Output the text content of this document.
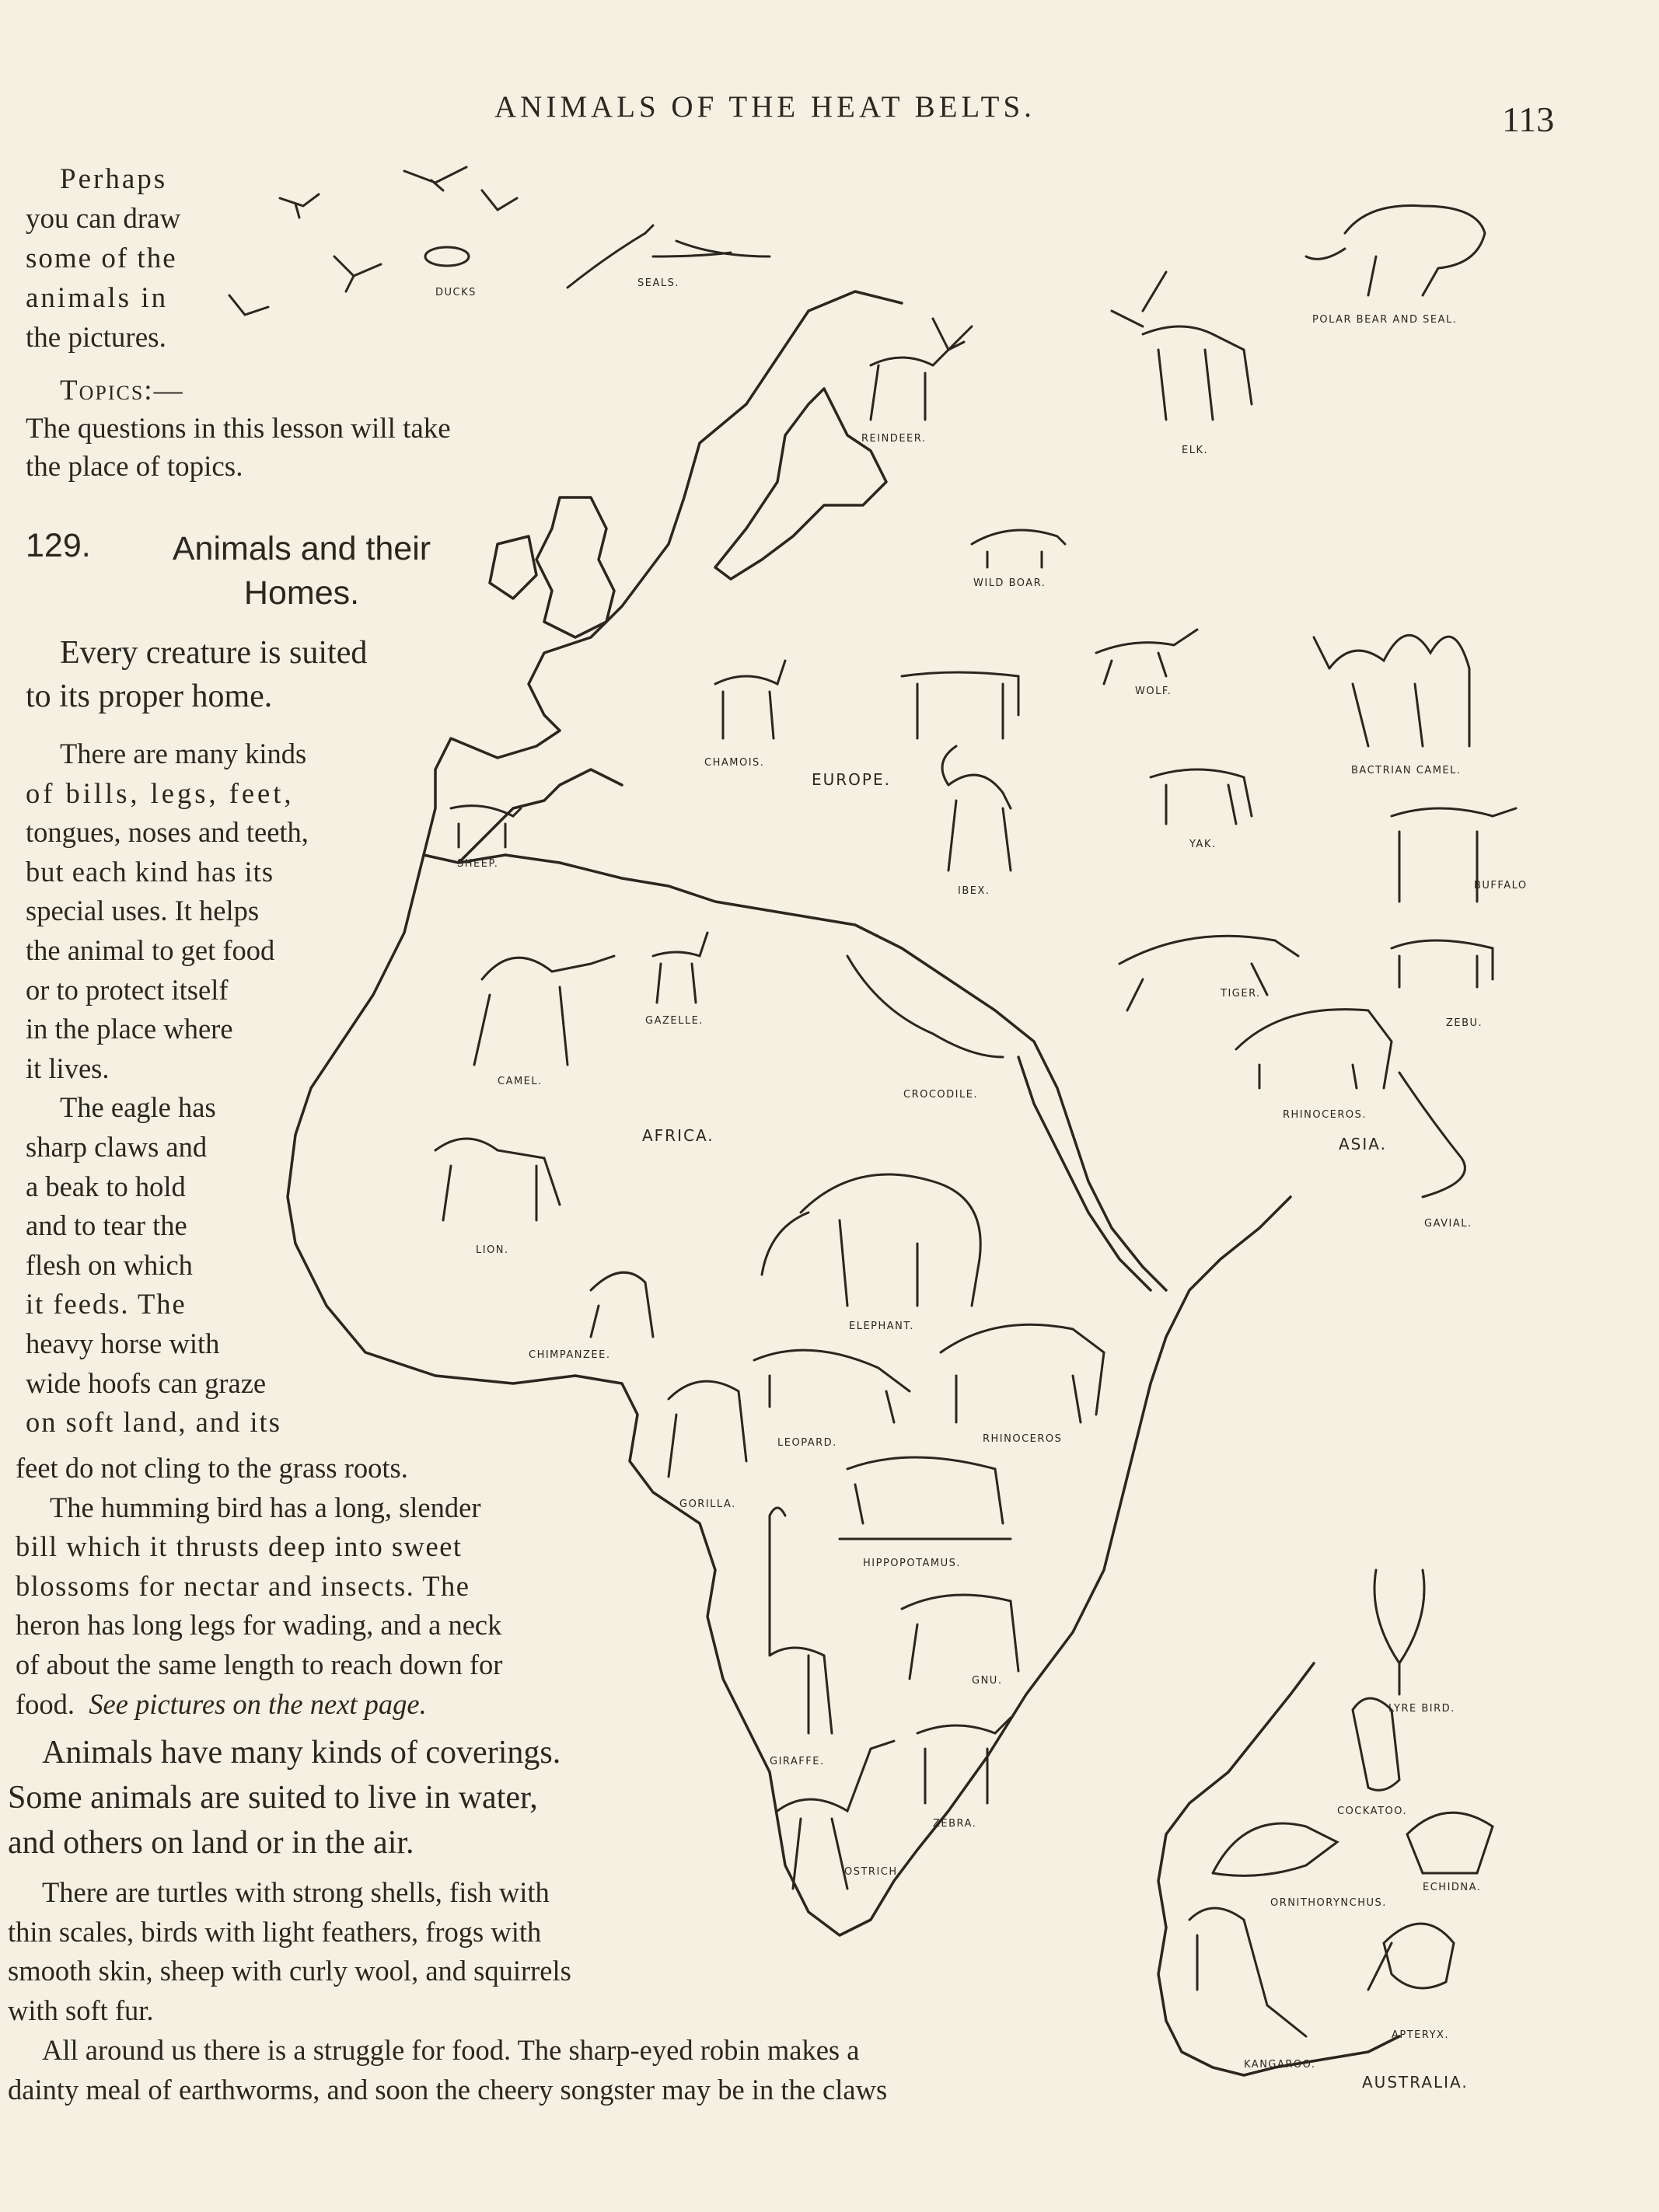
ANIMALS OF THE HEAT BELTS.	113
Perhaps
you can draw
some of the
animals in
the pictures.
Topics:—
The questions in this lesson will take
the place of topics.
129.	Animals and their
Homes.
Every creature is suited
to its proper home.
There are many kinds
of bills, legs, feet,
tongues, noses and teeth,
but each kind has its
special uses. It helps
the animal to get food
or to protect itself
in the place where
it lives.
The eagle has
sharp claws and
a beak to hold
and to tear the
flesh on which
it feeds. The
heavy horse with
wide hoofs can graze
on soft land, and its
feet do not cling to the grass roots.
The humming bird has a long, slender
bill which it thrusts deep into sweet
blossoms for nectar and insects. The
heron has long legs for wading, and a neck
of about the same length to reach down for
food. See pictures on the next page.
Animals have many kinds of coverings.
Some animals are suited to live in water,
and others on land or in the air.
There are turtles with strong shells, fish with
thin scales, birds with light feathers, frogs with
smooth skin, sheep with curly wool, and squirrels
with soft fur.
All around us there is a struggle for food. The sharp-eyed robin makes a
dainty meal of earthworms, and soon the cheery songster may be in the claws
DUCKS
SEALS.
POLAR BEAR AND SEAL.
REINDEER.
ELK.
WILD BOAR.
WOLF.
CHAMOIS.
BACTRIAN CAMEL.
YAK.
SHEEP.
IBEX.	BUFFALO
GAZELLE.
CAMEL.
TIGER.
ZEBU.
CROCODILE.
RHINOCEROS.
GAVIAL.
LION.
ELEPHANT.
CHIMPANZEE.
LEOPARD.	RHINOCEROS
GORILLA.
HIPPOPOTAMUS.
GNU.
GIRAFFE.
ZEBRA.
OSTRICH.
LYRE BIRD.
COCKATOO.
ECHIDNA.
ORNITHORYNCHUS.
APTERYX.
KANGAROO.
EUROPE.
AFRICA.	ASIA.
AUSTRALIA.
